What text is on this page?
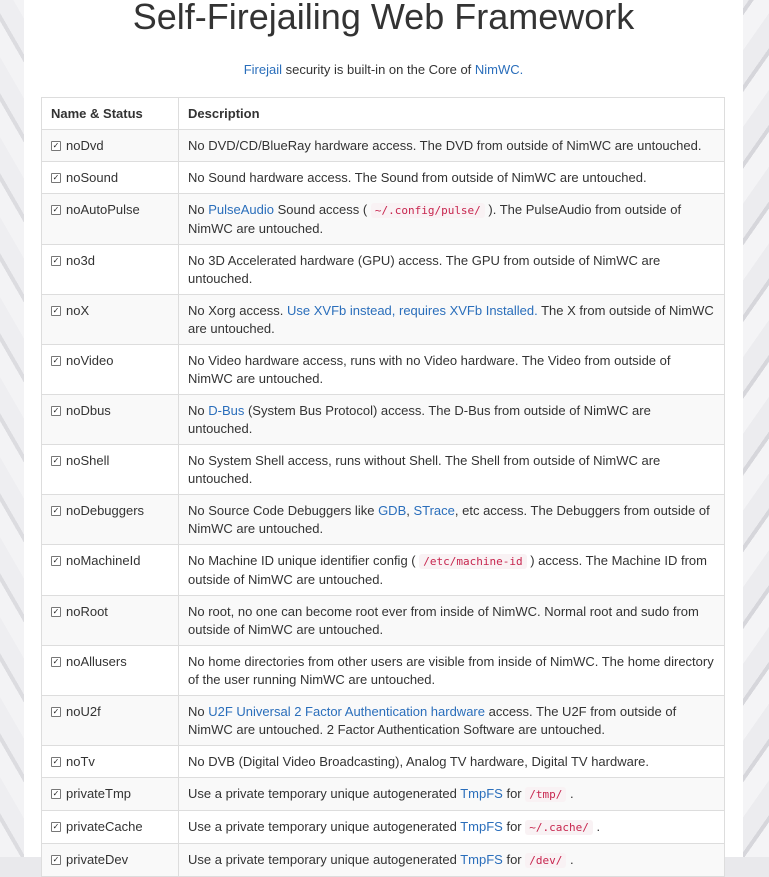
Self-Firejailing Web Framework
Firejail security is built-in on the Core of NimWC.
Name & Status	Description
✓ noDvd	No DVD/CD/BlueRay hardware access. The DVD from outside of NimWC are untouched.
✓ noSound	No Sound hardware access. The Sound from outside of NimWC are untouched.
✓ noAutoPulse	No PulseAudio Sound access ( ~/.config/pulse/ ). The PulseAudio from outside of NimWC are untouched.
✓ no3d	No 3D Accelerated hardware (GPU) access. The GPU from outside of NimWC are untouched.
✓ noX	No Xorg access. Use XVFb instead, requires XVFb Installed. The X from outside of NimWC are untouched.
✓ noVideo	No Video hardware access, runs with no Video hardware. The Video from outside of NimWC are untouched.
✓ noDbus	No D-Bus (System Bus Protocol) access. The D-Bus from outside of NimWC are untouched.
✓ noShell	No System Shell access, runs without Shell. The Shell from outside of NimWC are untouched.
✓ noDebuggers	No Source Code Debuggers like GDB, STrace, etc access. The Debuggers from outside of NimWC are untouched.
✓ noMachineId	No Machine ID unique identifier config ( /etc/machine-id ) access. The Machine ID from outside of NimWC are untouched.
✓ noRoot	No root, no one can become root ever from inside of NimWC. Normal root and sudo from outside of NimWC are untouched.
✓ noAllusers	No home directories from other users are visible from inside of NimWC. The home directory of the user running NimWC are untouched.
✓ noU2f	No U2F Universal 2 Factor Authentication hardware access. The U2F from outside of NimWC are untouched. 2 Factor Authentication Software are untouched.
✓ noTv	No DVB (Digital Video Broadcasting), Analog TV hardware, Digital TV hardware.
✓ privateTmp	Use a private temporary unique autogenerated TmpFS for /tmp/ .
✓ privateCache	Use a private temporary unique autogenerated TmpFS for ~/.cache/ .
✓ privateDev	Use a private temporary unique autogenerated TmpFS for /dev/ .
